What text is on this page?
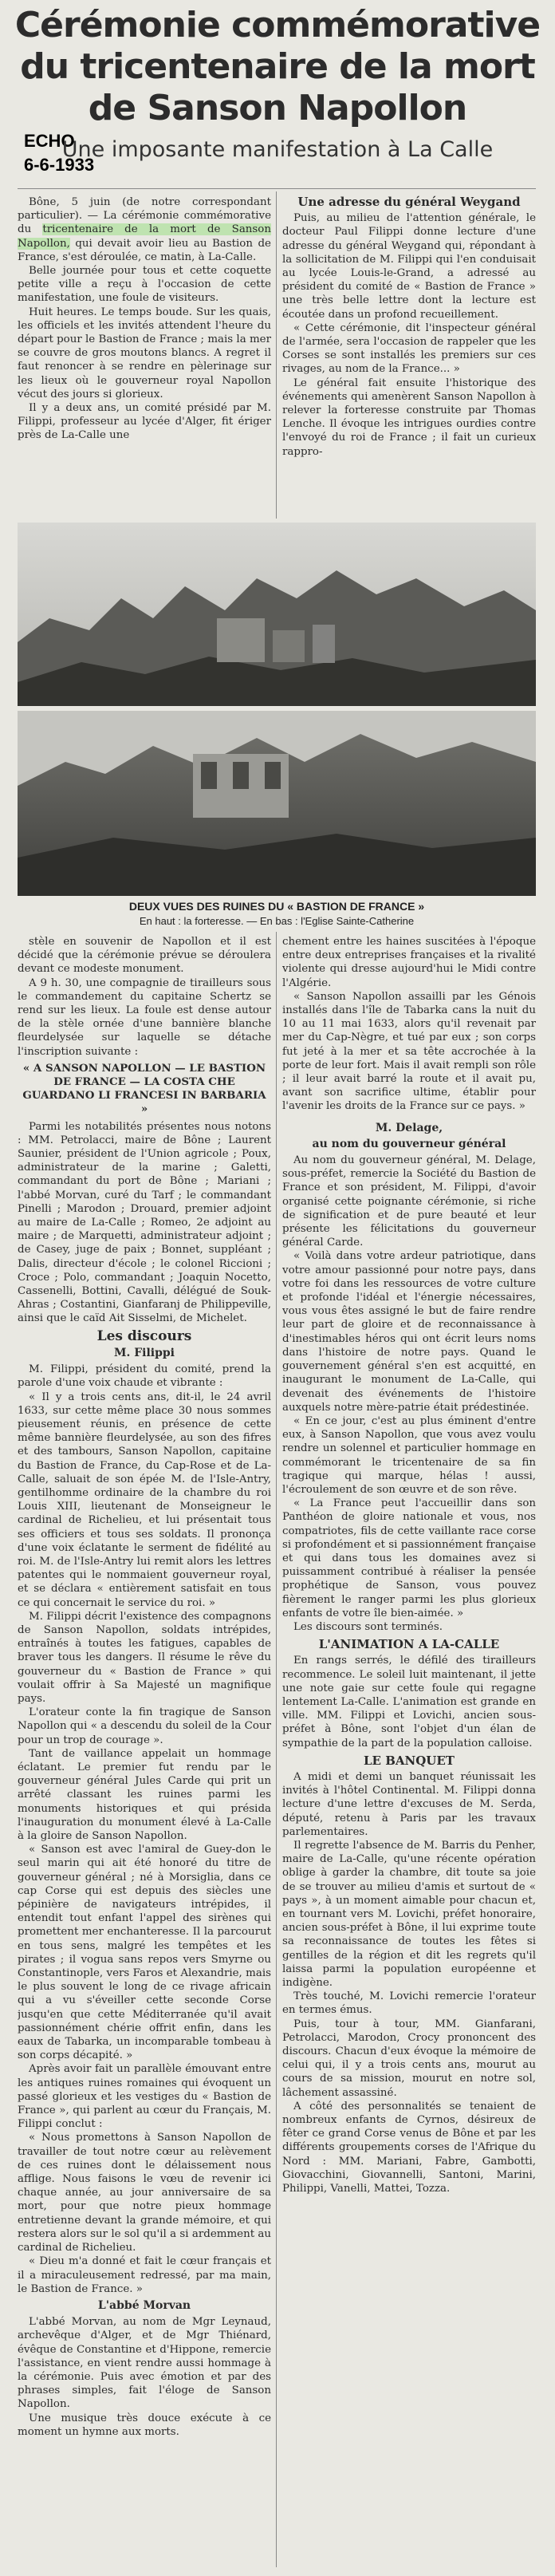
Cérémonie commémorative
du tricentenaire de la mort
de Sanson Napollon
ECHO
6-6-1933
Une imposante manifestation à La Calle

Bône, 5 juin (de notre correspondant particulier). — La cérémonie commémorative du tricentenaire de la mort de Sanson Napollon, qui devait avoir lieu au Bastion de France, s'est déroulée, ce matin, à La-Calle.

Belle journée pour tous et cette coquette petite ville a reçu à l'occasion de cette manifestation, une foule de visiteurs.

Huit heures. Le temps boude. Sur les quais, les officiels et les invités attendent l'heure du départ pour le Bastion de France ; mais la mer se couvre de gros moutons blancs. A regret il faut renoncer à se rendre en pèlerinage sur les lieux où le gouverneur royal Napollon vécut des jours si glorieux.

Il y a deux ans, un comité présidé par M. Filippi, professeur au lycée d'Alger, fit ériger près de La-Calle une

Une adresse du général Weygand

Puis, au milieu de l'attention générale, le docteur Paul Filippi donne lecture d'une adresse du général Weygand qui, répondant à la sollicitation de M. Filippi qui l'en conduisait au lycée Louis-le-Grand, a adressé au président du comité de « Bastion de France » une très belle lettre dont la lecture est écoutée dans un profond recueillement.

« Cette cérémonie, dit l'inspecteur général de l'armée, sera l'occasion de rappeler que les Corses se sont installés les premiers sur ces rivages, au nom de la France... »

Le général fait ensuite l'historique des événements qui amenèrent Sanson Napollon à relever la forteresse construite par Thomas Lenche. Il évoque les intrigues ourdies contre l'envoyé du roi de France ; il fait un curieux rappro-

DEUX VUES DES RUINES DU « BASTION DE FRANCE »
En haut : la forteresse. — En bas : l'Eglise Sainte-Catherine

stèle en souvenir de Napollon et il est décidé que la cérémonie prévue se déroulera devant ce modeste monument.

A 9 h. 30, une compagnie de tirailleurs sous le commandement du capitaine Schertz se rend sur les lieux. La foule est dense autour de la stèle ornée d'une bannière blanche fleurdelysée sur laquelle se détache l'inscription suivante :

« A SANSON NAPOLLON — LE BASTION DE FRANCE — LA COSTA CHE GUARDANO LI FRANCESI IN BARBARIA »

Parmi les notabilités présentes nous notons : MM. Petrolacci, maire de Bône ; Laurent Saunier, président de l'Union agricole ; Poux, administrateur de la marine ; Galetti, commandant du port de Bône ; Mariani ; l'abbé Morvan, curé du Tarf ; le commandant Pinelli ; Marodon ; Drouard, premier adjoint au maire de La-Calle ; Romeo, 2e adjoint au maire ; de Marquetti, administrateur adjoint ; de Casey, juge de paix ; Bonnet, suppléant ; Dalis, directeur d'école ; le colonel Riccioni ; Croce ; Polo, commandant ; Joaquin Nocetto, Cassenelli, Bottini, Cavalli, délégué de Souk-Ahras ; Costantini, Gianfaranj de Philippeville, ainsi que le caïd Ait Sisselmi, de Michelet.

Les discours
M. Filippi

M. Filippi, président du comité, prend la parole d'une voix chaude et vibrante :

« Il y a trois cents ans, dit-il, le 24 avril 1633, sur cette même place 30 nous sommes pieusement réunis, en présence de cette même bannière fleurdelysée, au son des fifres et des tambours, Sanson Napollon, capitaine du Bastion de France, du Cap-Rose et de La-Calle, saluait de son épée M. de l'Isle-Antry, gentilhomme ordinaire de la chambre du roi Louis XIII, lieutenant de Monseigneur le cardinal de Richelieu, et lui présentait tous ses officiers et tous ses soldats. Il prononça d'une voix éclatante le serment de fidélité au roi. M. de l'Isle-Antry lui remit alors les lettres patentes qui le nommaient gouverneur royal, et se déclara « entièrement satisfait en tous ce qui concernait le service du roi. »

M. Filippi décrit l'existence des compagnons de Sanson Napollon, soldats intrépides, entraînés à toutes les fatigues, capables de braver tous les dangers. Il résume le rêve du gouverneur du « Bastion de France » qui voulait offrir à Sa Majesté un magnifique pays.

L'orateur conte la fin tragique de Sanson Napollon qui « a descendu du soleil de la Cour pour un trop de courage ».

Tant de vaillance appelait un hommage éclatant. Le premier fut rendu par le gouverneur général Jules Carde qui prit un arrêté classant les ruines parmi les monuments historiques et qui présida l'inauguration du monument élevé à La-Calle à la gloire de Sanson Napollon.

« Sanson est avec l'amiral de Guey-don le seul marin qui ait été honoré du titre de gouverneur général ; né à Morsiglia, dans ce cap Corse qui est depuis des siècles une pépinière de navigateurs intrépides, il entendit tout enfant l'appel des sirènes qui promettent mer enchanteresse. Il la parcourut en tous sens, malgré les tempêtes et les pirates ; il vogua sans repos vers Smyrne ou Constantinople, vers Faros et Alexandrie, mais le plus souvent le long de ce rivage africain qui a vu s'éveiller cette seconde Corse jusqu'en que cette Méditerranée qu'il avait passionnément chérie offrit enfin, dans les eaux de Tabarka, un incomparable tombeau à son corps décapité. »

Après avoir fait un parallèle émouvant entre les antiques ruines romaines qui évoquent un passé glorieux et les vestiges du « Bastion de France », qui parlent au cœur du Français, M. Filippi conclut :

« Nous promettons à Sanson Napollon de travailler de tout notre cœur au relèvement de ces ruines dont le délaissement nous afflige. Nous faisons le vœu de revenir ici chaque année, au jour anniversaire de sa mort, pour que notre pieux hommage entretienne devant la grande mémoire, et qui restera alors sur le sol qu'il a si ardemment au cardinal de Richelieu.

« Dieu m'a donné et fait le cœur français et il a miraculeusement redressé, par ma main, le Bastion de France. »

L'abbé Morvan

L'abbé Morvan, au nom de Mgr Leynaud, archevêque d'Alger, et de Mgr Thiénard, évêque de Constantine et d'Hippone, remercie l'assistance, en vient rendre aussi hommage à la cérémonie. Puis avec émotion et par des phrases simples, fait l'éloge de Sanson Napollon.

Une musique très douce exécute à ce moment un hymne aux morts.

chement entre les haines suscitées à l'époque entre deux entreprises françaises et la rivalité violente qui dresse aujourd'hui le Midi contre l'Algérie.

« Sanson Napollon assailli par les Génois installés dans l'île de Tabarka cans la nuit du 10 au 11 mai 1633, alors qu'il revenait par mer du Cap-Nègre, et tué par eux ; son corps fut jeté à la mer et sa tête accrochée à la porte de leur fort. Mais il avait rempli son rôle ; il leur avait barré la route et il avait pu, avant son sacrifice ultime, établir pour l'avenir les droits de la France sur ce pays. »

M. Delage,
au nom du gouverneur général

Au nom du gouverneur général, M. Delage, sous-préfet, remercie la Société du Bastion de France et son président, M. Filippi, d'avoir organisé cette poignante cérémonie, si riche de signification et de pure beauté et leur présente les félicitations du gouverneur général Carde.

« Voilà dans votre ardeur patriotique, dans votre amour passionné pour notre pays, dans votre foi dans les ressources de votre culture et profonde l'idéal et l'énergie nécessaires, vous vous êtes assigné le but de faire rendre leur part de gloire et de reconnaissance à d'inestimables héros qui ont écrit leurs noms dans l'histoire de notre pays. Quand le gouvernement général s'en est acquitté, en inaugurant le monument de La-Calle, qui devenait des événements de l'histoire auxquels notre mère-patrie était prédestinée.

« En ce jour, c'est au plus éminent d'entre eux, à Sanson Napollon, que vous avez voulu rendre un solennel et particulier hommage en commémorant le tricentenaire de sa fin tragique qui marque, hélas ! aussi, l'écroulement de son œuvre et de son rêve.

« La France peut l'accueillir dans son Panthéon de gloire nationale et vous, nos compatriotes, fils de cette vaillante race corse si profondément et si passionnément française et qui dans tous les domaines avez si puissamment contribué à réaliser la pensée prophétique de Sanson, vous pouvez fièrement le ranger parmi les plus glorieux enfants de votre île bien-aimée. »

Les discours sont terminés.

L'ANIMATION A LA-CALLE

En rangs serrés, le défilé des tirailleurs recommence. Le soleil luit maintenant, il jette une note gaie sur cette foule qui regagne lentement La-Calle. L'animation est grande en ville. MM. Filippi et Lovichi, ancien sous-préfet à Bône, sont l'objet d'un élan de sympathie de la part de la population calloise.

LE BANQUET

A midi et demi un banquet réunissait les invités à l'hôtel Continental. M. Filippi donna lecture d'une lettre d'excuses de M. Serda, député, retenu à Paris par les travaux parlementaires.

Il regrette l'absence de M. Barris du Penher, maire de La-Calle, qu'une récente opération oblige à garder la chambre, dit toute sa joie de se trouver au milieu d'amis et surtout de « pays », à un moment aimable pour chacun et, en tournant vers M. Lovichi, préfet honoraire, ancien sous-préfet à Bône, il lui exprime toute sa reconnaissance de toutes les fêtes si gentilles de la région et dit les regrets qu'il laissa parmi la population européenne et indigène.

Très touché, M. Lovichi remercie l'orateur en termes émus.

Puis, tour à tour, MM. Gianfarani, Petrolacci, Marodon, Crocy prononcent des discours. Chacun d'eux évoque la mémoire de celui qui, il y a trois cents ans, mourut au cours de sa mission, mourut en notre sol, lâchement assassiné.

A côté des personnalités se tenaient de nombreux enfants de Cyrnos, désireux de fêter ce grand Corse venus de Bône et par les différents groupements corses de l'Afrique du Nord : MM. Mariani, Fabre, Gambotti, Giovacchini, Giovannelli, Santoni, Marini, Philippi, Vanelli, Mattei, Tozza.
